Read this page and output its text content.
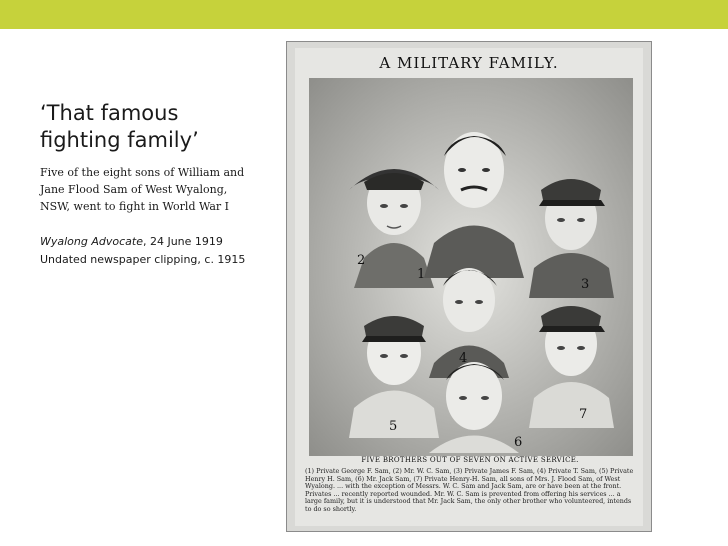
‘That famous fighting family’
Five of the eight sons of William and Jane Flood Sam of West Wyalong, NSW, went to fight in World War I
Wyalong Advocate, 24 June 1919
Undated newspaper clipping, c. 1915
A MILITARY FAMILY.
1
2
3
4
5
6
7
FIVE BROTHERS OUT OF SEVEN ON ACTIVE SERVICE.
(1) Private George F. Sam, (2) Mr. W. C. Sam, (3) Private James F. Sam, (4) Private T. Sam, (5) Private Henry H. Sam, (6) Mr. Jack Sam, (7) Private Henry-H. Sam, all sons of Mrs. J. Flood Sam, of West Wyalong. ... with the exception of Messrs. W. C. Sam and Jack Sam, are or have been at the front. Privates ... recently reported wounded. Mr. W. C. Sam is prevented from offering his services ... a large family, but it is understood that Mr. Jack Sam, the only other brother who volunteered, intends to do so shortly.
